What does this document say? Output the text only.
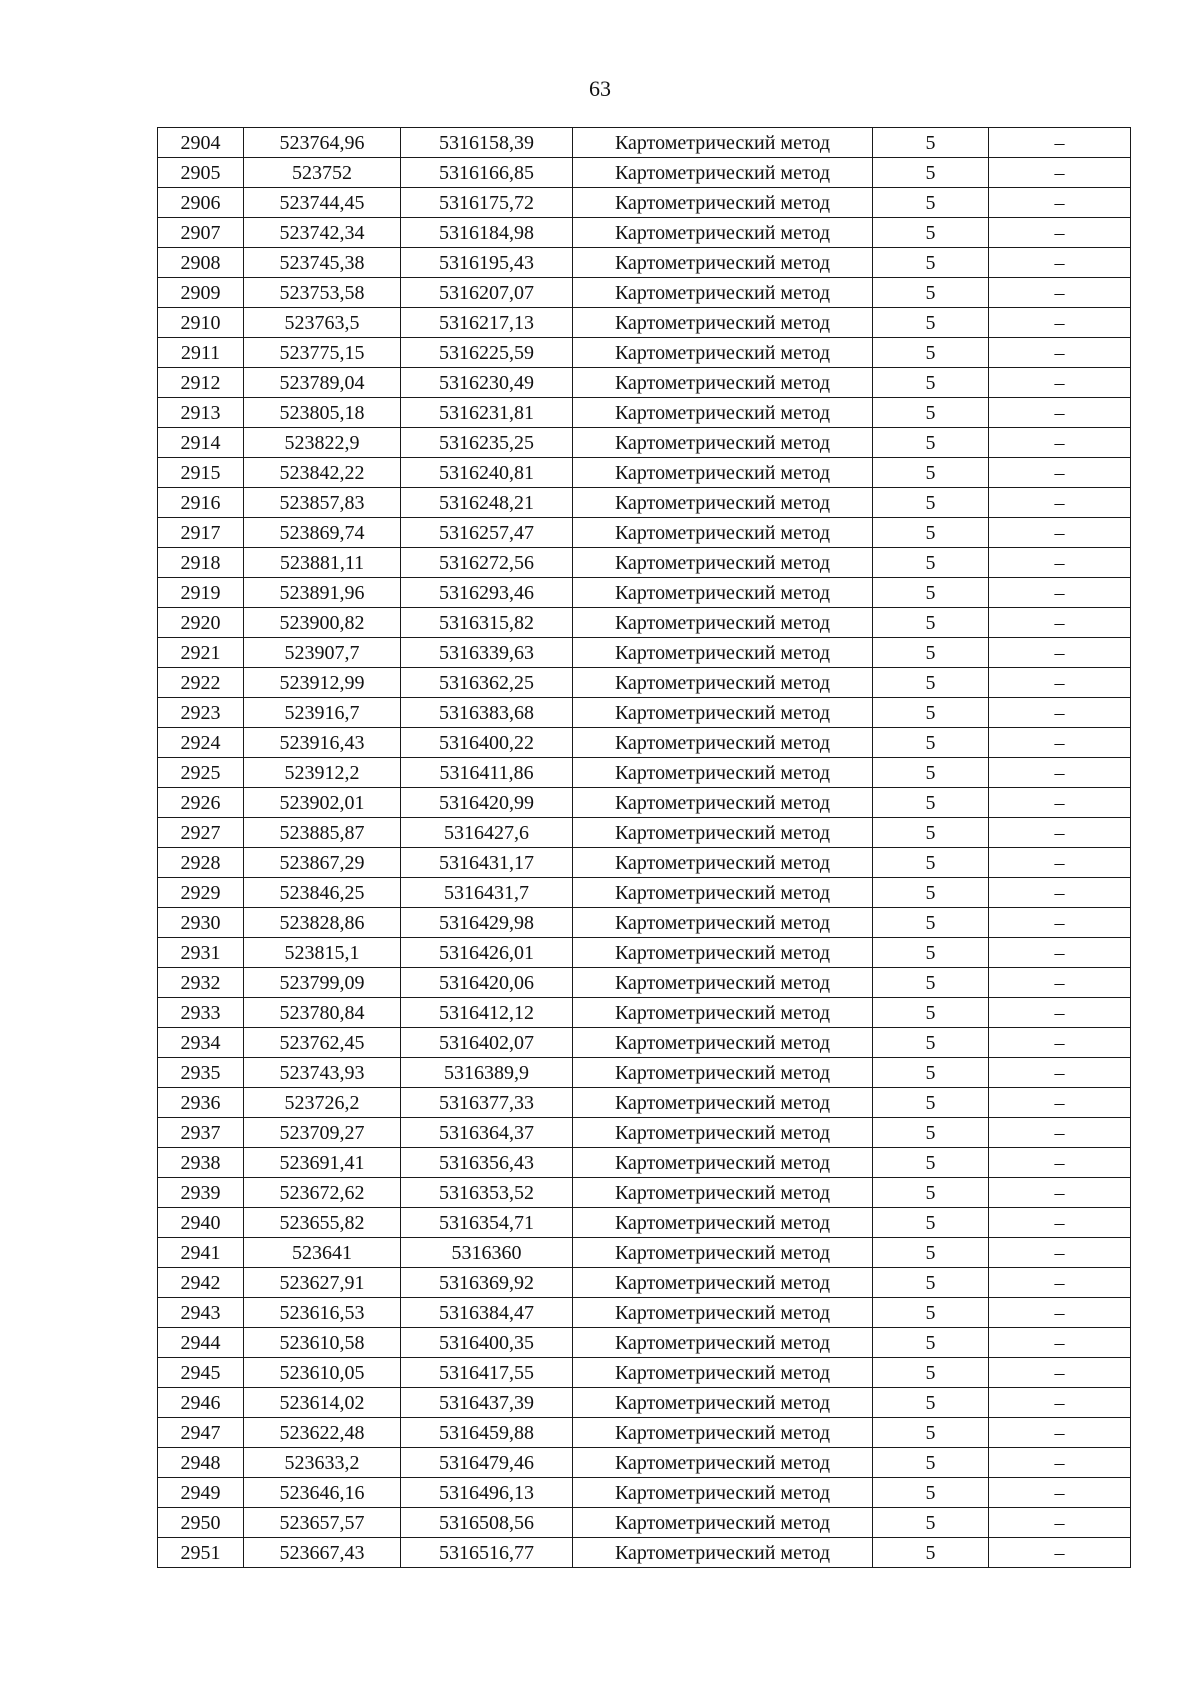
63
2904	523764,96	5316158,39	Картометрический метод	5	–
2905	523752	5316166,85	Картометрический метод	5	–
2906	523744,45	5316175,72	Картометрический метод	5	–
2907	523742,34	5316184,98	Картометрический метод	5	–
2908	523745,38	5316195,43	Картометрический метод	5	–
2909	523753,58	5316207,07	Картометрический метод	5	–
2910	523763,5	5316217,13	Картометрический метод	5	–
2911	523775,15	5316225,59	Картометрический метод	5	–
2912	523789,04	5316230,49	Картометрический метод	5	–
2913	523805,18	5316231,81	Картометрический метод	5	–
2914	523822,9	5316235,25	Картометрический метод	5	–
2915	523842,22	5316240,81	Картометрический метод	5	–
2916	523857,83	5316248,21	Картометрический метод	5	–
2917	523869,74	5316257,47	Картометрический метод	5	–
2918	523881,11	5316272,56	Картометрический метод	5	–
2919	523891,96	5316293,46	Картометрический метод	5	–
2920	523900,82	5316315,82	Картометрический метод	5	–
2921	523907,7	5316339,63	Картометрический метод	5	–
2922	523912,99	5316362,25	Картометрический метод	5	–
2923	523916,7	5316383,68	Картометрический метод	5	–
2924	523916,43	5316400,22	Картометрический метод	5	–
2925	523912,2	5316411,86	Картометрический метод	5	–
2926	523902,01	5316420,99	Картометрический метод	5	–
2927	523885,87	5316427,6	Картометрический метод	5	–
2928	523867,29	5316431,17	Картометрический метод	5	–
2929	523846,25	5316431,7	Картометрический метод	5	–
2930	523828,86	5316429,98	Картометрический метод	5	–
2931	523815,1	5316426,01	Картометрический метод	5	–
2932	523799,09	5316420,06	Картометрический метод	5	–
2933	523780,84	5316412,12	Картометрический метод	5	–
2934	523762,45	5316402,07	Картометрический метод	5	–
2935	523743,93	5316389,9	Картометрический метод	5	–
2936	523726,2	5316377,33	Картометрический метод	5	–
2937	523709,27	5316364,37	Картометрический метод	5	–
2938	523691,41	5316356,43	Картометрический метод	5	–
2939	523672,62	5316353,52	Картометрический метод	5	–
2940	523655,82	5316354,71	Картометрический метод	5	–
2941	523641	5316360	Картометрический метод	5	–
2942	523627,91	5316369,92	Картометрический метод	5	–
2943	523616,53	5316384,47	Картометрический метод	5	–
2944	523610,58	5316400,35	Картометрический метод	5	–
2945	523610,05	5316417,55	Картометрический метод	5	–
2946	523614,02	5316437,39	Картометрический метод	5	–
2947	523622,48	5316459,88	Картометрический метод	5	–
2948	523633,2	5316479,46	Картометрический метод	5	–
2949	523646,16	5316496,13	Картометрический метод	5	–
2950	523657,57	5316508,56	Картометрический метод	5	–
2951	523667,43	5316516,77	Картометрический метод	5	–
